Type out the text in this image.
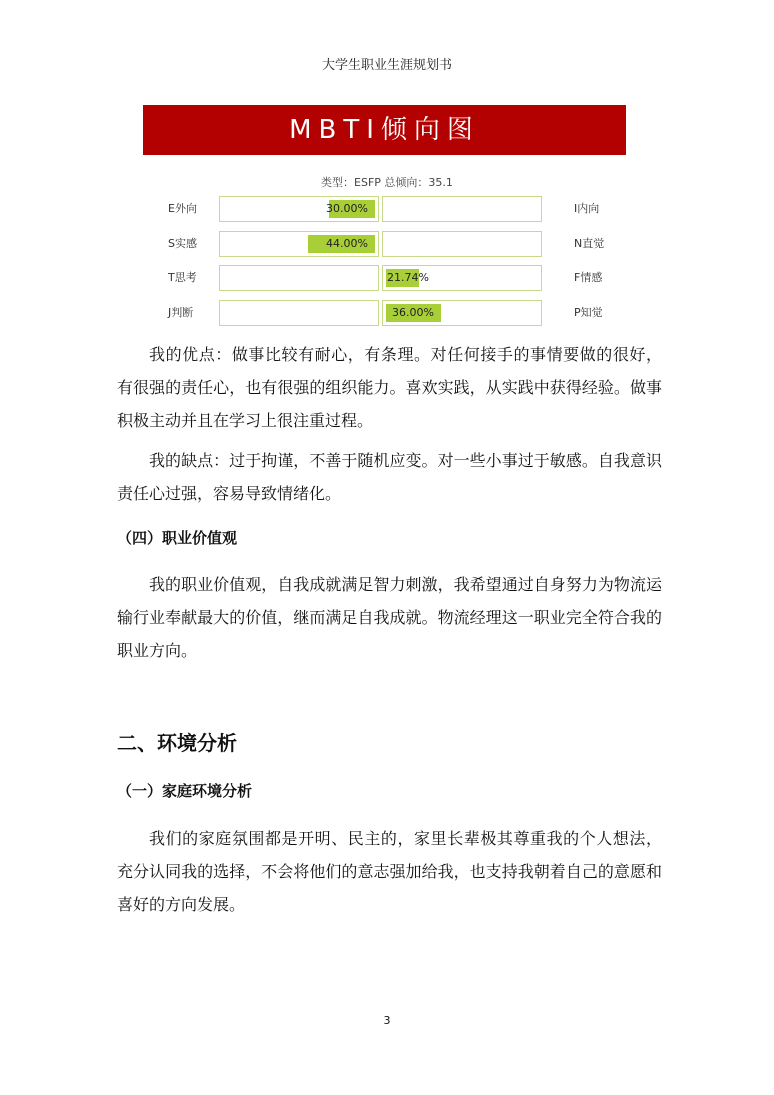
大学生职业生涯规划书
MBTI倾向图
类型：ESFP 总倾向：35.1
E外向	30.00%	I内向
S实感	44.00%	N直觉
T思考	21.74%	F情感
J判断	36.00%	P知觉

我的优点：做事比较有耐心，有条理。对任何接手的事情要做的很好， 有很强的责任心，也有很强的组织能力。喜欢实践，从实践中获得经验。做事积极主动并且在学习上很注重过程。

我的缺点：过于拘谨，不善于随机应变。对一些小事过于敏感。自我意识责任心过强，容易导致情绪化。

（四）职业价值观

我的职业价值观，自我成就满足智力刺激，我希望通过自身努力为物流运输行业奉献最大的价值，继而满足自我成就。物流经理这一职业完全符合我的职业方向。

二、环境分析
（一）家庭环境分析

我们的家庭氛围都是开明、民主的，家里长辈极其尊重我的个人想法， 充分认同我的选择，不会将他们的意志强加给我，也支持我朝着自己的意愿和喜好的方向发展。

3
